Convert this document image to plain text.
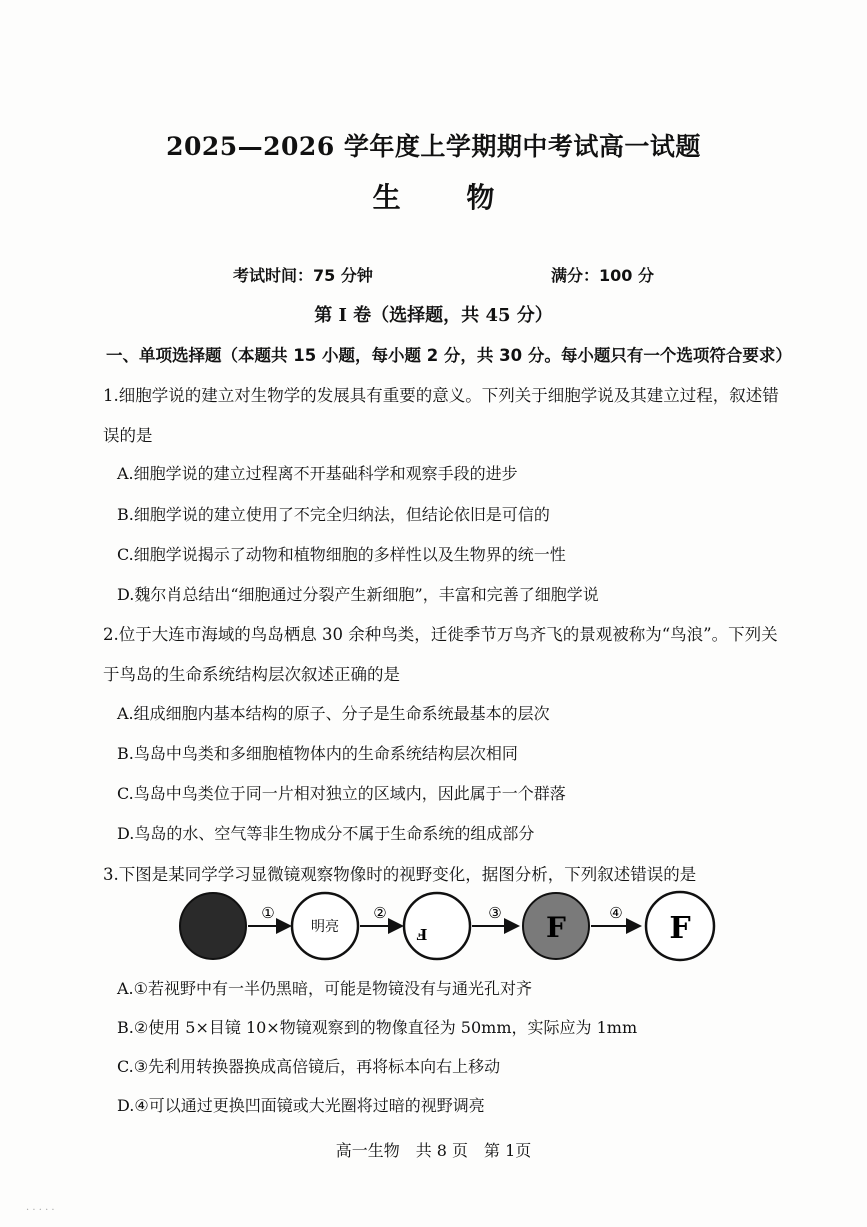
2025—2026 学年度上学期期中考试高一试题
生 物
考试时间：75 分钟	满分：100 分
第 Ⅰ 卷（选择题，共 45 分）
一、单项选择题（本题共 15 小题，每小题 2 分，共 30 分。每小题只有一个选项符合要求）
1.细胞学说的建立对生物学的发展具有重要的意义。下列关于细胞学说及其建立过程，叙述错
误的是
A.细胞学说的建立过程离不开基础科学和观察手段的进步
B.细胞学说的建立使用了不完全归纳法，但结论依旧是可信的
C.细胞学说揭示了动物和植物细胞的多样性以及生物界的统一性
D.魏尔肖总结出“细胞通过分裂产生新细胞”，丰富和完善了细胞学说
2.位于大连市海域的鸟岛栖息 30 余种鸟类，迁徙季节万鸟齐飞的景观被称为“鸟浪”。下列关
于鸟岛的生命系统结构层次叙述正确的是
A.组成细胞内基本结构的原子、分子是生命系统最基本的层次
B.鸟岛中鸟类和多细胞植物体内的生命系统结构层次相同
C.鸟岛中鸟类位于同一片相对独立的区域内，因此属于一个群落
D.鸟岛的水、空气等非生物成分不属于生命系统的组成部分
3.下图是某同学学习显微镜观察物像时的视野变化，据图分析，下列叙述错误的是
①
明亮
②
F
③ F	④ F
A.①若视野中有一半仍黑暗，可能是物镜没有与通光孔对齐
B.②使用 5×目镜 10×物镜观察到的物像直径为 50mm，实际应为 1mm
C.③先利用转换器换成高倍镜后，再将标本向右上移动
D.④可以通过更换凹面镜或大光圈将过暗的视野调亮
高一生物　共 8 页　第 1页
· · · · ·
